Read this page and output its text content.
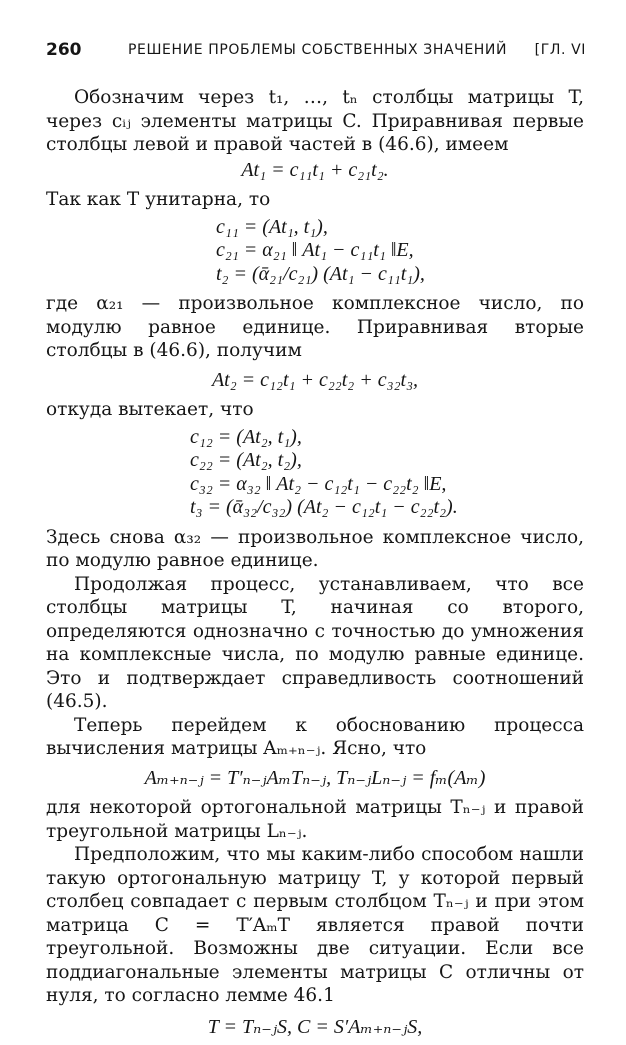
260	РЕШЕНИЕ ПРОБЛЕМЫ СОБСТВЕННЫХ ЗНАЧЕНИЙ [ГЛ. VI

Обозначим через t₁, …, tₙ столбцы матрицы T, через cᵢⱼ элементы матрицы C. Приравнивая первые столбцы левой и правой частей в (46.6), имеем

At₁ = c₁₁t₁ + c₂₁t₂.

Так как T унитарна, то

c₁₁ = (At₁, t₁),
c₂₁ = α₂₁ ‖ At₁ − c₁₁t₁ ‖E,
t₂ = (ᾱ₂₁/c₂₁) (At₁ − c₁₁t₁),

где α₂₁ — произвольное комплексное число, по модулю равное единице. Приравнивая вторые столбцы в (46.6), получим

At₂ = c₁₂t₁ + c₂₂t₂ + c₃₂t₃,

откуда вытекает, что

c₁₂ = (At₂, t₁),
c₂₂ = (At₂, t₂),
c₃₂ = α₃₂ ‖ At₂ − c₁₂t₁ − c₂₂t₂ ‖E,
t₃ = (ᾱ₃₂/c₃₂) (At₂ − c₁₂t₁ − c₂₂t₂).

Здесь снова α₃₂ — произвольное комплексное число, по модулю равное единице.

Продолжая процесс, устанавливаем, что все столбцы матрицы T, начиная со второго, определяются однозначно с точностью до умножения на комплексные числа, по модулю равные единице. Это и подтверждает справедливость соотношений (46.5).

Теперь перейдем к обоснованию процесса вычисления матрицы Aₘ₊ₙ₋ⱼ. Ясно, что

Aₘ₊ₙ₋ⱼ = T′ₙ₋ⱼAₘTₙ₋ⱼ, Tₙ₋ⱼLₙ₋ⱼ = fₘ(Aₘ)

для некоторой ортогональной матрицы Tₙ₋ⱼ и правой треугольной матрицы Lₙ₋ⱼ.

Предположим, что мы каким-либо способом нашли такую ортогональную матрицу T, у которой первый столбец совпадает с первым столбцом Tₙ₋ⱼ и при этом матрица C = T′AₘT является правой почти треугольной. Возможны две ситуации. Если все поддиагональные элементы матрицы C отличны от нуля, то согласно лемме 46.1

T = Tₙ₋ⱼS, C = S′Aₘ₊ₙ₋ⱼS,
